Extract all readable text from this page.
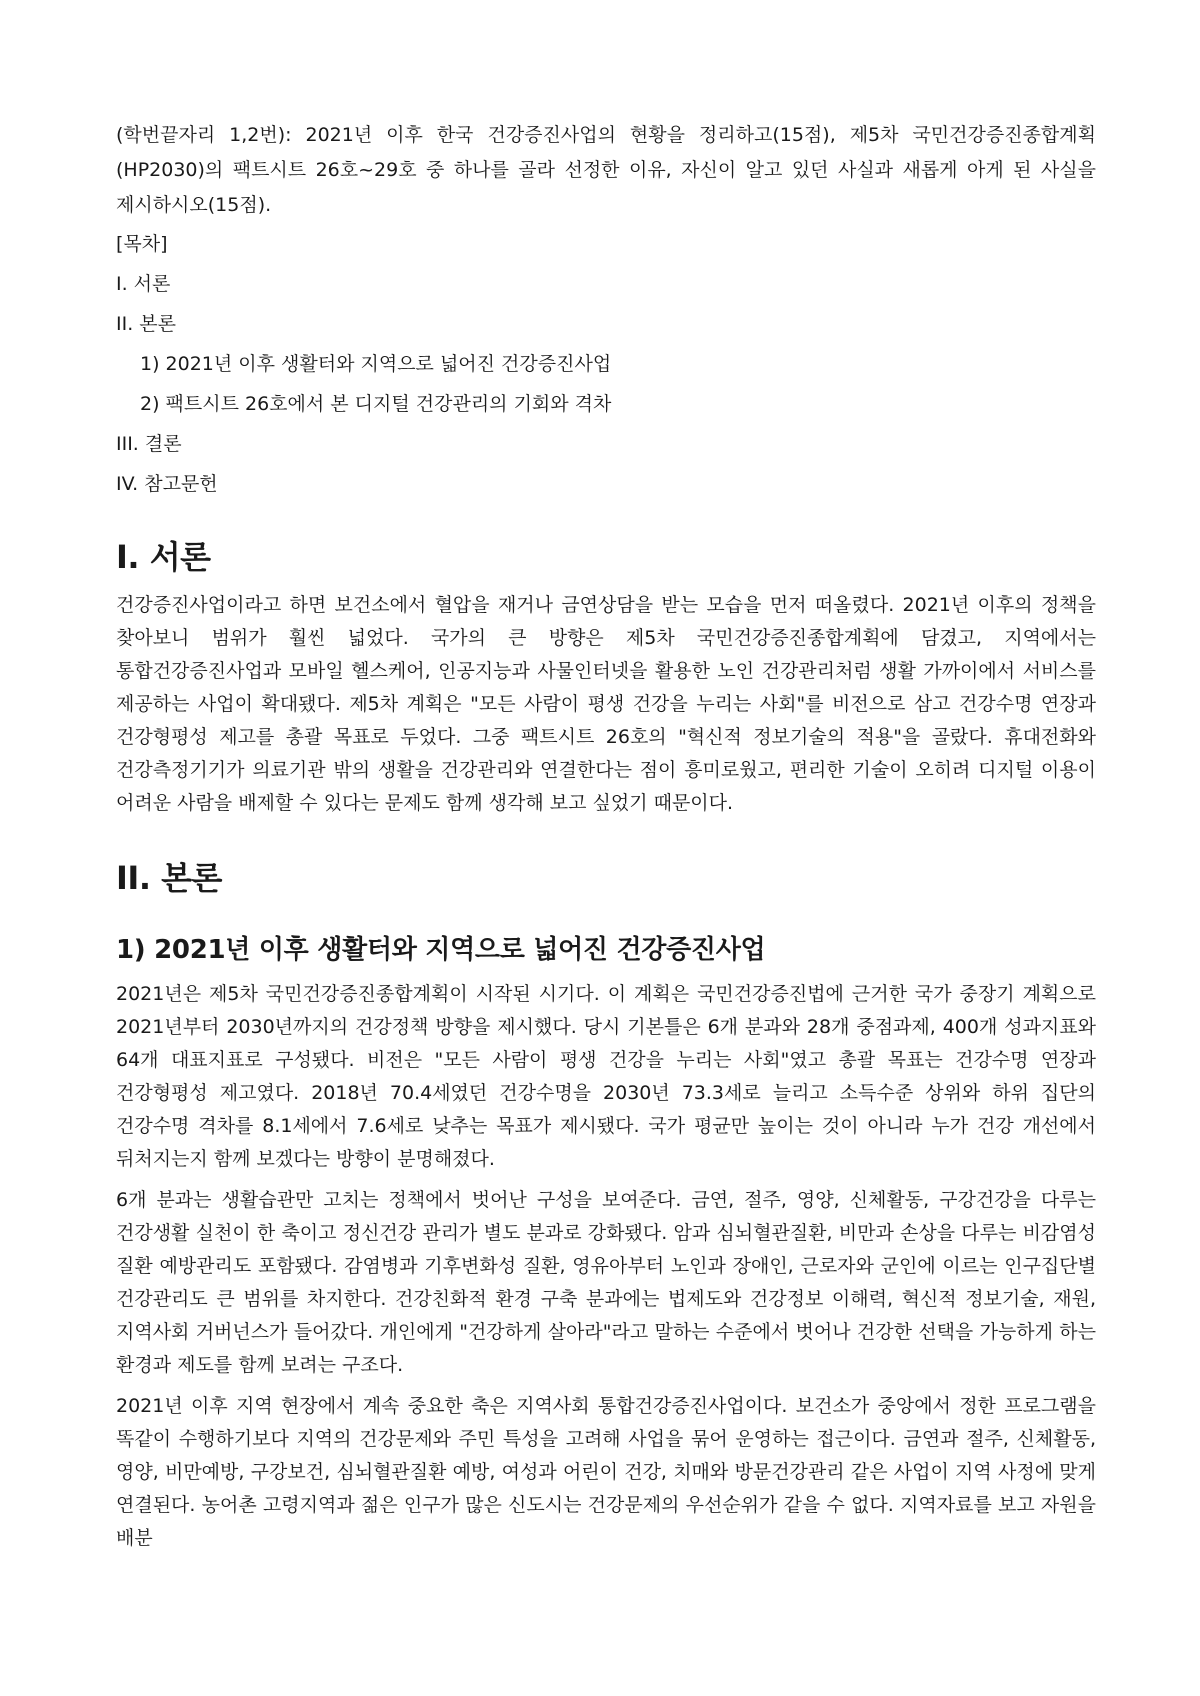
(학번끝자리 1,2번): 2021년 이후 한국 건강증진사업의 현황을 정리하고(15점), 제5차 국민건강증진종합계획(HP2030)의 팩트시트 26호~29호 중 하나를 골라 선정한 이유, 자신이 알고 있던 사실과 새롭게 아게 된 사실을 제시하시오(15점).

[목차]

I. 서론
II. 본론
1) 2021년 이후 생활터와 지역으로 넓어진 건강증진사업
2) 팩트시트 26호에서 본 디지털 건강관리의 기회와 격차
III. 결론
IV. 참고문헌
I. 서론

건강증진사업이라고 하면 보건소에서 혈압을 재거나 금연상담을 받는 모습을 먼저 떠올렸다. 2021년 이후의 정책을 찾아보니 범위가 훨씬 넓었다. 국가의 큰 방향은 제5차 국민건강증진종합계획에 담겼고, 지역에서는 통합건강증진사업과 모바일 헬스케어, 인공지능과 사물인터넷을 활용한 노인 건강관리처럼 생활 가까이에서 서비스를 제공하는 사업이 확대됐다. 제5차 계획은 "모든 사람이 평생 건강을 누리는 사회"를 비전으로 삼고 건강수명 연장과 건강형평성 제고를 총괄 목표로 두었다. 그중 팩트시트 26호의 "혁신적 정보기술의 적용"을 골랐다. 휴대전화와 건강측정기기가 의료기관 밖의 생활을 건강관리와 연결한다는 점이 흥미로웠고, 편리한 기술이 오히려 디지털 이용이 어려운 사람을 배제할 수 있다는 문제도 함께 생각해 보고 싶었기 때문이다.

II. 본론
1) 2021년 이후 생활터와 지역으로 넓어진 건강증진사업

2021년은 제5차 국민건강증진종합계획이 시작된 시기다. 이 계획은 국민건강증진법에 근거한 국가 중장기 계획으로 2021년부터 2030년까지의 건강정책 방향을 제시했다. 당시 기본틀은 6개 분과와 28개 중점과제, 400개 성과지표와 64개 대표지표로 구성됐다. 비전은 "모든 사람이 평생 건강을 누리는 사회"였고 총괄 목표는 건강수명 연장과 건강형평성 제고였다. 2018년 70.4세였던 건강수명을 2030년 73.3세로 늘리고 소득수준 상위와 하위 집단의 건강수명 격차를 8.1세에서 7.6세로 낮추는 목표가 제시됐다. 국가 평균만 높이는 것이 아니라 누가 건강 개선에서 뒤처지는지 함께 보겠다는 방향이 분명해졌다.

6개 분과는 생활습관만 고치는 정책에서 벗어난 구성을 보여준다. 금연, 절주, 영양, 신체활동, 구강건강을 다루는 건강생활 실천이 한 축이고 정신건강 관리가 별도 분과로 강화됐다. 암과 심뇌혈관질환, 비만과 손상을 다루는 비감염성 질환 예방관리도 포함됐다. 감염병과 기후변화성 질환, 영유아부터 노인과 장애인, 근로자와 군인에 이르는 인구집단별 건강관리도 큰 범위를 차지한다. 건강친화적 환경 구축 분과에는 법제도와 건강정보 이해력, 혁신적 정보기술, 재원, 지역사회 거버넌스가 들어갔다. 개인에게 "건강하게 살아라"라고 말하는 수준에서 벗어나 건강한 선택을 가능하게 하는 환경과 제도를 함께 보려는 구조다.

2021년 이후 지역 현장에서 계속 중요한 축은 지역사회 통합건강증진사업이다. 보건소가 중앙에서 정한 프로그램을 똑같이 수행하기보다 지역의 건강문제와 주민 특성을 고려해 사업을 묶어 운영하는 접근이다. 금연과 절주, 신체활동, 영양, 비만예방, 구강보건, 심뇌혈관질환 예방, 여성과 어린이 건강, 치매와 방문건강관리 같은 사업이 지역 사정에 맞게 연결된다. 농어촌 고령지역과 젊은 인구가 많은 신도시는 건강문제의 우선순위가 같을 수 없다. 지역자료를 보고 자원을 배분
